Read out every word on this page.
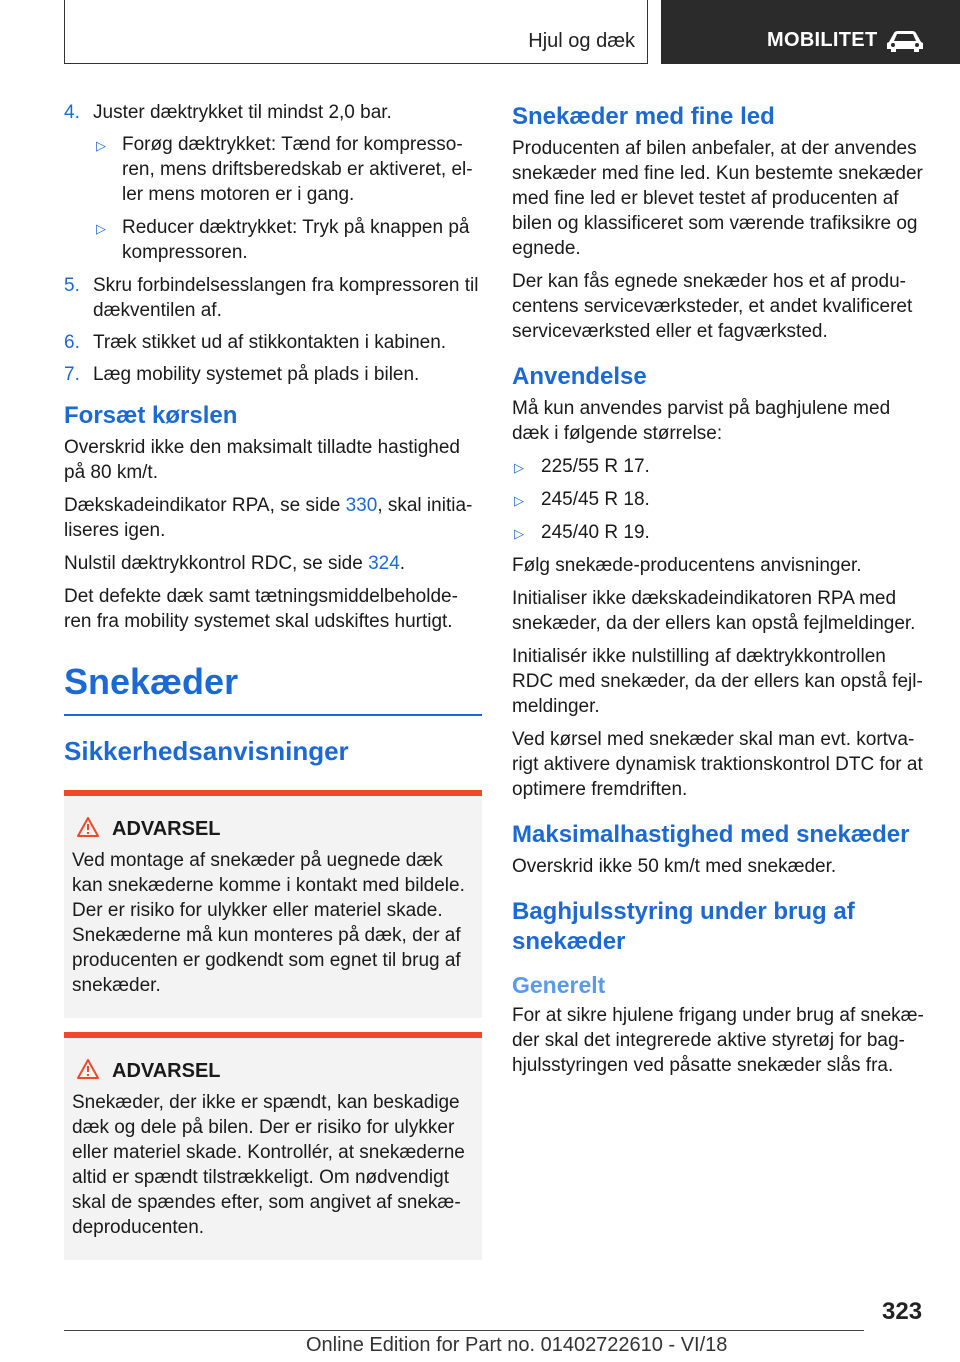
Hjul og dæk	MOBILITET
4. Juster dæktrykket til mindst 2,0 bar.
▷ Forøg dæktrykket: Tænd for kompresso-ren, mens driftsberedskab er aktiveret, el-ler mens motoren er i gang.
▷ Reducer dæktrykket: Tryk på knappen på kompressoren.
5. Skru forbindelsesslangen fra kompressoren til dækventilen af.
6. Træk stikket ud af stikkontakten i kabinen.
7. Læg mobility systemet på plads i bilen.
Forsæt kørslen

Overskrid ikke den maksimalt tilladte hastighed på 80 km/t.

Dækskadeindikator RPA, se side 330, skal initia-liseres igen.

Nulstil dæktrykkontrol RDC, se side 324.

Det defekte dæk samt tætningsmiddelbeholde-ren fra mobility systemet skal udskiftes hurtigt.

Snekæder
Sikkerhedsanvisninger
ADVARSEL

Ved montage af snekæder på uegnede dæk kan snekæderne komme i kontakt med bildele. Der er risiko for ulykker eller materiel skade. Snekæderne må kun monteres på dæk, der af producenten er godkendt som egnet til brug af snekæder.

ADVARSEL

Snekæder, der ikke er spændt, kan beskadige dæk og dele på bilen. Der er risiko for ulykker eller materiel skade. Kontrollér, at snekæderne altid er spændt tilstrækkeligt. Om nødvendigt skal de spændes efter, som angivet af snekæ-deproducenten.

Snekæder med fine led

Producenten af bilen anbefaler, at der anvendes snekæder med fine led. Kun bestemte snekæder med fine led er blevet testet af producenten af bilen og klassificeret som værende trafiksikre og egnede.

Der kan fås egnede snekæder hos et af produ-centens serviceværksteder, et andet kvalificeret serviceværksted eller et fagværksted.

Anvendelse

Må kun anvendes parvist på baghjulene med dæk i følgende størrelse:

▷ 225/55 R 17.
▷ 245/45 R 18.
▷ 245/40 R 19.

Følg snekæde-producentens anvisninger.

Initialiser ikke dækskadeindikatoren RPA med snekæder, da der ellers kan opstå fejlmeldinger.

Initialisér ikke nulstilling af dæktrykkontrollen RDC med snekæder, da der ellers kan opstå fejl-meldinger.

Ved kørsel med snekæder skal man evt. kortva-rigt aktivere dynamisk traktionskontrol DTC for at optimere fremdriften.

Maksimalhastighed med snekæder

Overskrid ikke 50 km/t med snekæder.

Baghjulsstyring under brug af snekæder
Generelt

For at sikre hjulene frigang under brug af snekæ-der skal det integrerede aktive styretøj for bag-hjulsstyringen ved påsatte snekæder slås fra.

323
Online Edition for Part no. 01402722610 - VI/18
